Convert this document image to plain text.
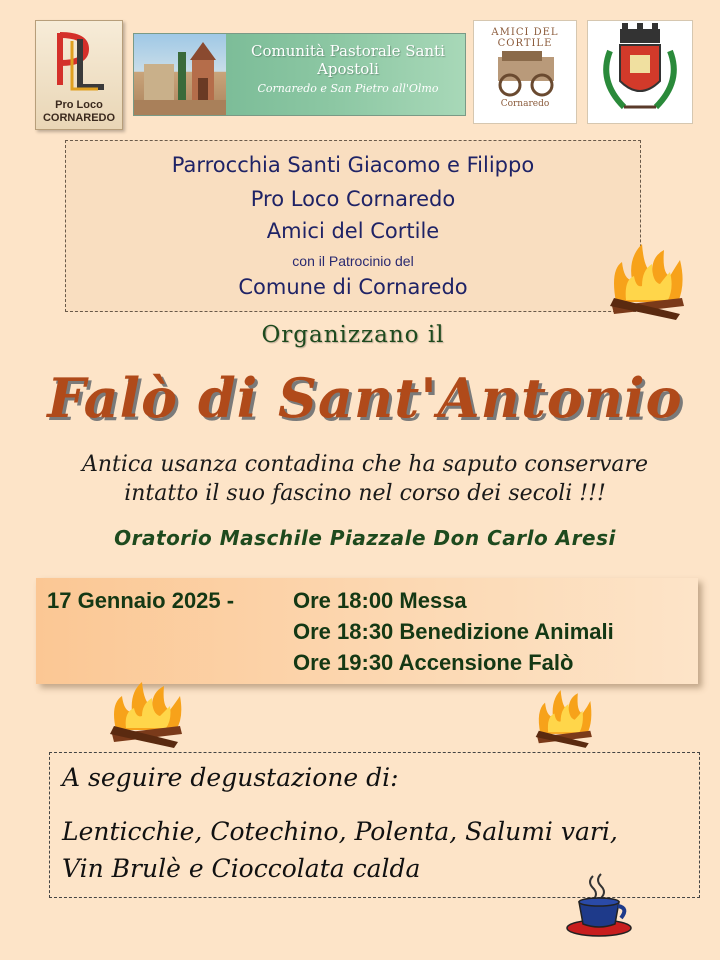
Pro Loco
CORNAREDO
Comunità Pastorale Santi Apostoli
Cornaredo e San Pietro all'Olmo
AMICI DEL CORTILE
Cornaredo
Parrocchia Santi Giacomo e Filippo
Pro Loco Cornaredo
Amici del Cortile
con il Patrocinio del
Comune di Cornaredo
Organizzano il
Falò di Sant'Antonio
Antica usanza contadina che ha saputo conservare
intatto il suo fascino nel corso dei secoli !!!
Oratorio Maschile Piazzale Don Carlo Aresi
17 Gennaio 2025 -	Ore 18:00 Messa
Ore 18:30 Benedizione Animali
Ore 19:30 Accensione Falò
A seguire degustazione di:
Lenticchie, Cotechino, Polenta, Salumi vari,
Vin Brulè e Cioccolata calda
